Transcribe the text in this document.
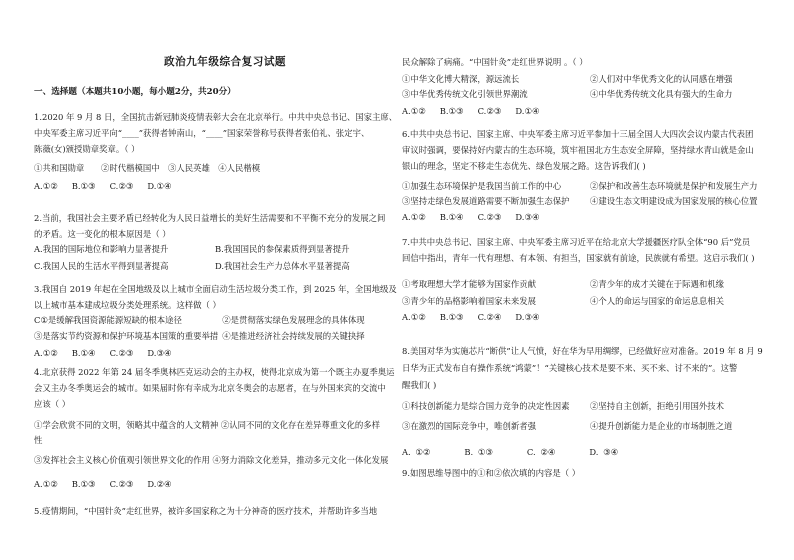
政治九年级综合复习试题
一、选择题（本题共10小题，每小题2分，共20分）
1.2020 年 9 月 8 日，全国抗击新冠肺炎疫情表彰大会在北京举行。中共中央总书记、国家主席、
中央军委主席习近平向“____”获得者钟南山，“____”国家荣誉称号获得者张伯礼、张定宇、
陈薇(女)颁授勋章奖章。（ ）
①共和国勋章　　②时代楷模国中　③人民英雄　④人民楷模
A.①② B.①③ C.②③ D.①④
2.当前，我国社会主要矛盾已经转化为人民日益增长的美好生活需要和不平衡不充分的发展之间
的矛盾。这一变化的根本原因是（ ）
A.我国的国际地位和影响力显著提升	B.我国国民的参保素质得到显著提升
C.我国人民的生活水平得到显著提高	D.我国社会生产力总体水平显著提高
3.我国自 2019 年起在全国地级及以上城市全面启动生活垃圾分类工作，到 2025 年，全国地级及
以上城市基本建成垃圾分类处理系统。这样做（ ）
C①是缓解我国资源能源短缺的根本途径	②是贯彻落实绿色发展理念的具体体现
③是落实节约资源和保护环境基本国策的重要举措 ④是推进经济社会持续发展的关键抉择
A.①② B.①④ C.②③ D.③④
4.北京获得 2022 年第 24 届冬季奥林匹克运动会的主办权，使得北京成为第一个既主办夏季奥运
会又主办冬季奥运会的城市。如果届时你有幸成为北京冬奥会的志愿者，在与外国来宾的交流中
应该（ ）
①学会欣赏不同的文明，领略其中蕴含的人文精神 ②认同不同的文化存在差异尊重文化的多样
性
③发挥社会主义核心价值观引领世界文化的作用 ④努力消除文化差异，推动多元文化一体化发展
A.①② B.①③ C.②③ D.②④
5.疫情期间，“中国针灸”走红世界，被许多国家称之为十分神奇的医疗技术，并帮助许多当地
民众解除了病痛。“中国针灸”走红世界说明 。（ ）
①中华文化博大精深，源远流长	②人们对中华优秀文化的认同感在增强
③中华优秀传统文化引领世界潮流	④中华优秀传统文化具有强大的生命力
A.①② B.①③ C.②③ D.①④
6.中共中央总书记、国家主席、中央军委主席习近平参加十三届全国人大四次会议内蒙古代表团
审议时强调，要保持好内蒙古的生态环境，筑牢祖国北方生态安全屏障，坚持绿水青山就是金山
银山的理念，坚定不移走生态优先、绿色发展之路。这告诉我们( )
①加强生态环境保护是我国当前工作的中心	②保护和改善生态环境就是保护和发展生产力
③坚持走绿色发展道路需要不断加强生态保护	④建设生态文明建设成为国家发展的核心位置
A.①② B.①④ C.②③ D.③④
7.中共中央总书记、国家主席、中央军委主席习近平在给北京大学援疆医疗队全体“90 后”党员
回信中指出，青年一代有理想、有本领、有担当，国家就有前途，民族就有希望。这启示我们( )
①考取理想大学才能够为国家作贡献	②青少年的成才关键在于际遇和机缘
③青少年的品格影响着国家未来发展	④个人的命运与国家的命运息息相关
A.①② B.①③ C.②④ D.③④
8.美国对华为实施芯片“断供”让人气愤，好在华为早用绸缪，已经做好应对准备。2019 年 8 月 9
日华为正式发布自有操作系统“鸿蒙”！“关键核心技术是要不来、买不来、讨不来的”。这警
醒我们( )
①科技创新能力是综合国力竞争的决定性因素	②坚持自主创新，拒绝引用国外技术
③在激烈的国际竞争中，唯创新者强	④提升创新能力是企业的市场制胜之道
A. ①②	B. ①③	C. ②④	D. ③④
9.如图思维导图中的①和②依次填的内容是（ ）
